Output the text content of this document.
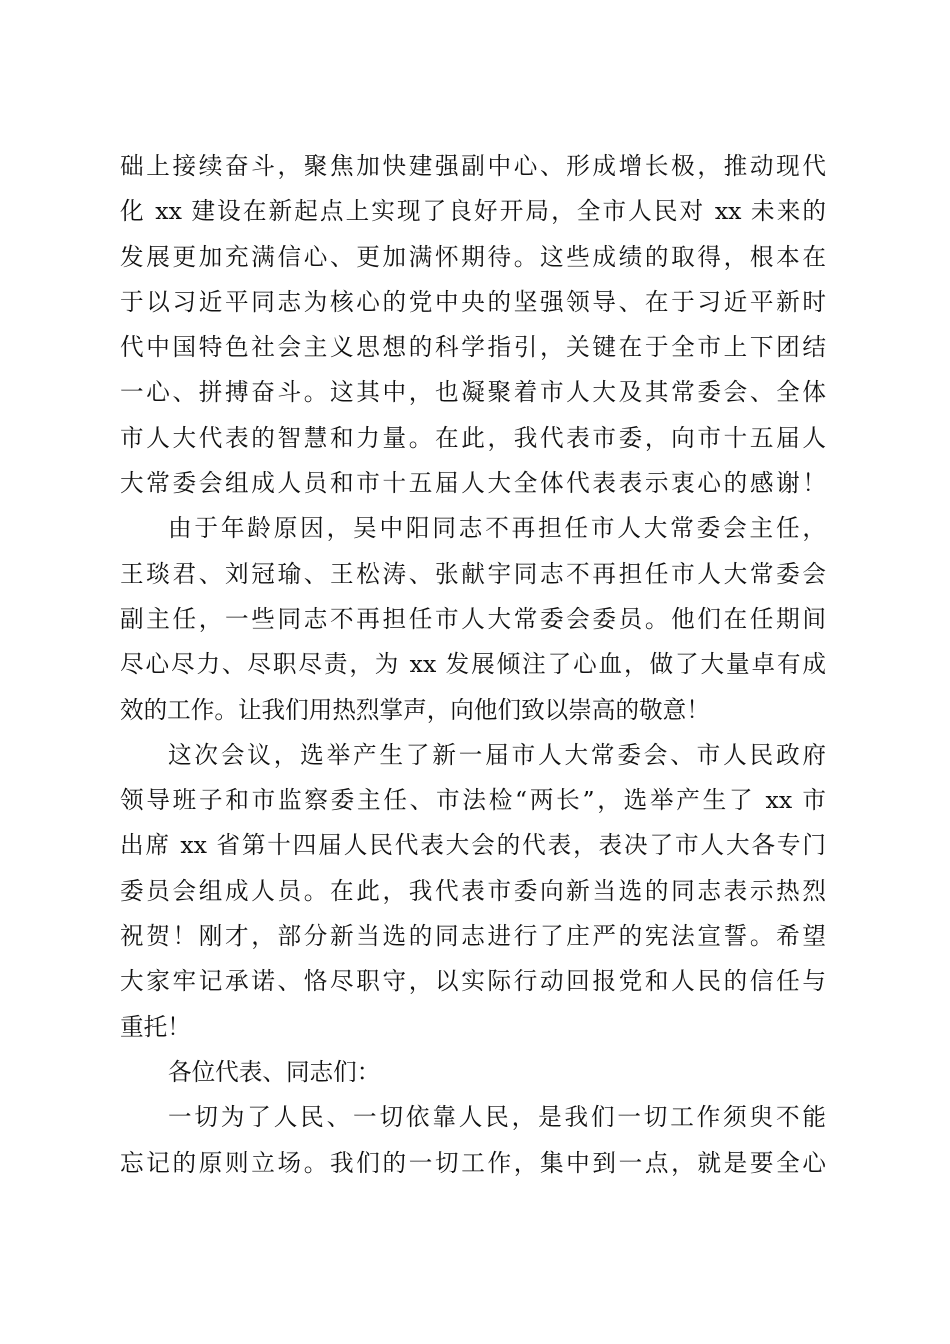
础上接续奋斗，聚焦加快建强副中心、形成增长极，推动现代
化 xx 建设在新起点上实现了良好开局，全市人民对 xx 未来的
发展更加充满信心、更加满怀期待。这些成绩的取得，根本在
于以习近平同志为核心的党中央的坚强领导、在于习近平新时
代中国特色社会主义思想的科学指引，关键在于全市上下团结
一心、拼搏奋斗。这其中，也凝聚着市人大及其常委会、全体
市人大代表的智慧和力量。在此，我代表市委，向市十五届人
大常委会组成人员和市十五届人大全体代表表示衷心的感谢！
由于年龄原因，吴中阳同志不再担任市人大常委会主任，
王琰君、刘冠瑜、王松涛、张献宇同志不再担任市人大常委会
副主任，一些同志不再担任市人大常委会委员。他们在任期间
尽心尽力、尽职尽责，为 xx 发展倾注了心血，做了大量卓有成
效的工作。让我们用热烈掌声，向他们致以崇高的敬意！
这次会议，选举产生了新一届市人大常委会、市人民政府
领导班子和市监察委主任、市法检“两长”，选举产生了 xx 市
出席 xx 省第十四届人民代表大会的代表，表决了市人大各专门
委员会组成人员。在此，我代表市委向新当选的同志表示热烈
祝贺！刚才，部分新当选的同志进行了庄严的宪法宣誓。希望
大家牢记承诺、恪尽职守，以实际行动回报党和人民的信任与
重托！
各位代表、同志们：
一切为了人民、一切依靠人民，是我们一切工作须臾不能
忘记的原则立场。我们的一切工作，集中到一点，就是要全心
